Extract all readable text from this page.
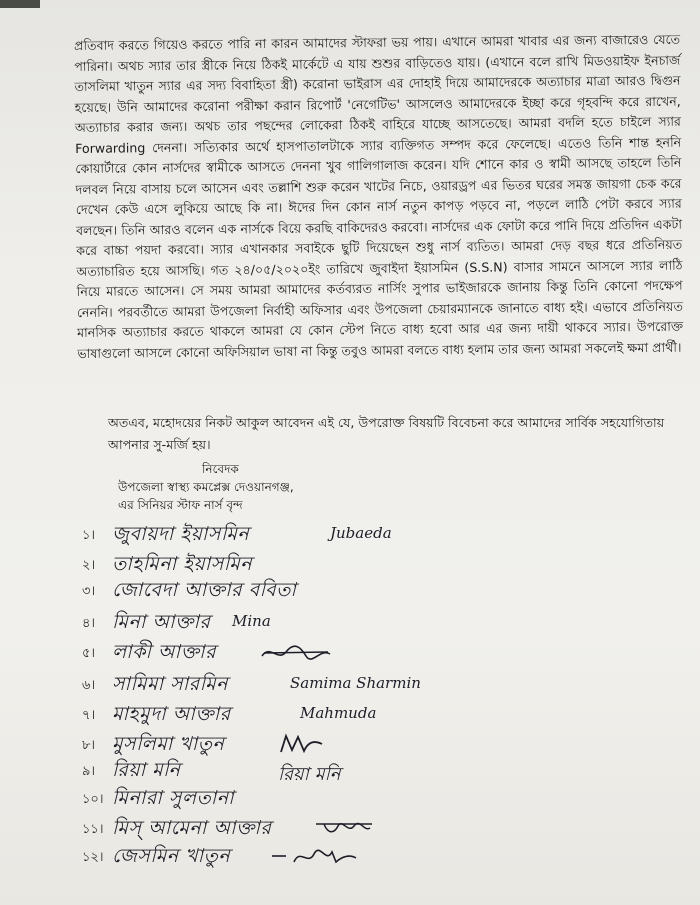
প্রতিবাদ করতে গিয়েও করতে পারি না কারন আমাদের স্টাফরা ভয় পায়। এখানে আমরা খাবার এর জন্য বাজারেও যেতে পারিনা। অথচ স্যার তার স্ত্রীকে নিয়ে ঠিকই মার্কেটে এ যায় শুশুর বাড়িতেও যায়। (এখানে বলে রাখি মিডওয়াইফ ইনচার্জ তাসলিমা খাতুন স্যার এর সদ্য বিবাহিতা স্ত্রী) করোনা ভাইরাস এর দোহাই দিয়ে আমাদেরকে অত্যাচার মাত্রা আরও দ্বিগুন হয়েছে। উনি আমাদের করোনা পরীক্ষা করান রিপোর্ট 'নেগেটিভ' আসলেও আমাদেরকে ইচ্ছা করে গৃহবন্দি করে রাখেন, অত্যাচার করার জন্য। অথচ তার পছন্দের লোকেরা ঠিকই বাহিরে যাচ্ছে আসতেছে। আমরা বদলি হতে চাইলে স্যার Forwarding দেননা। সত্যিকার অর্থে হাসপাতালটাকে স্যার ব্যক্তিগত সম্পদ করে ফেলেছে। এতেও তিনি শান্ত হননি কোয়ার্টারে কোন নার্সদের স্বামীকে আসতে দেননা খুব গালিগালাজ করেন। যদি শোনে কার ও স্বামী আসছে তাহলে তিনি দলবল নিয়ে বাসায় চলে আসেন এবং তল্লাশি শুরু করেন খাটের নিচে, ওয়ারড্রপ এর ভিতর ঘরের সমস্ত জায়গা চেক করে দেখেন কেউ এসে লুকিয়ে আছে কি না। ঈদের দিন কোন নার্স নতুন কাপড় পড়বে না, পড়লে লাঠি পেটা করবে স্যার বলছেন। তিনি আরও বলেন এক নার্সকে বিয়ে করছি বাকিদেরও করবো। নার্সদের এক ফোটা করে পানি দিয়ে প্রতিদিন একটা করে বাচ্চা পয়দা করবো। স্যার এখানকার সবাইকে ছুটি দিয়েছেন শুধু নার্স ব্যতিত। আমরা দেড় বছর ধরে প্রতিনিয়ত অত্যাচারিত হয়ে আসছি। গত ২৪/০৫/২০২০ইং তারিখে জুবাইদা ইয়াসমিন (S.S.N) বাসার সামনে আসলে স্যার লাঠি নিয়ে মারতে আসেন। সে সময় আমরা আমাদের কর্তব্যরত নার্সিং সুপার ভাইজারকে জানায় কিন্তু তিনি কোনো পদক্ষেপ নেননি। পরবর্তীতে আমরা উপজেলা নির্বাহী অফিসার এবং উপজেলা চেয়ারম্যানকে জানাতে বাধ্য হই। এভাবে প্রতিনিয়ত মানসিক অত্যাচার করতে থাকলে আমরা যে কোন স্টেপ নিতে বাধ্য হবো আর এর জন্য দায়ী থাকবে স্যার। উপরোক্ত ভাষাগুলো আসলে কোনো অফিসিয়াল ভাষা না কিন্তু তবুও আমরা বলতে বাধ্য হলাম তার জন্য আমরা সকলেই ক্ষমা প্রার্থী।

অতএব, মহোদয়ের নিকট আকুল আবেদন এই যে, উপরোক্ত বিষয়টি বিবেচনা করে আমাদের সার্বিক সহযোগিতায় আপনার সু-মর্জি হয়।
নিবেদক
উপজেলা স্বাস্থ্য কমপ্লেক্স দেওয়ানগঞ্জ,
এর সিনিয়র স্টাফ নার্স বৃন্দ
১। জুবায়দা ইয়াসমিন	Jubaeda
২। তাহমিনা ইয়াসমিন
৩। জোবেদা আক্তার ববিতা
৪। মিনা আক্তার Mina
৫। লাকী আক্তার
৬। সামিমা সারমিন	Samima Sharmin
৭। মাহমুদা আক্তার	Mahmuda
৮। মুসলিমা খাতুন
৯। রিয়া মনি	রিয়া মনি
১০। মিনারা সুলতানা
১১। মিস্‌ আমেনা আক্তার
১২। জেসমিন খাতুন
